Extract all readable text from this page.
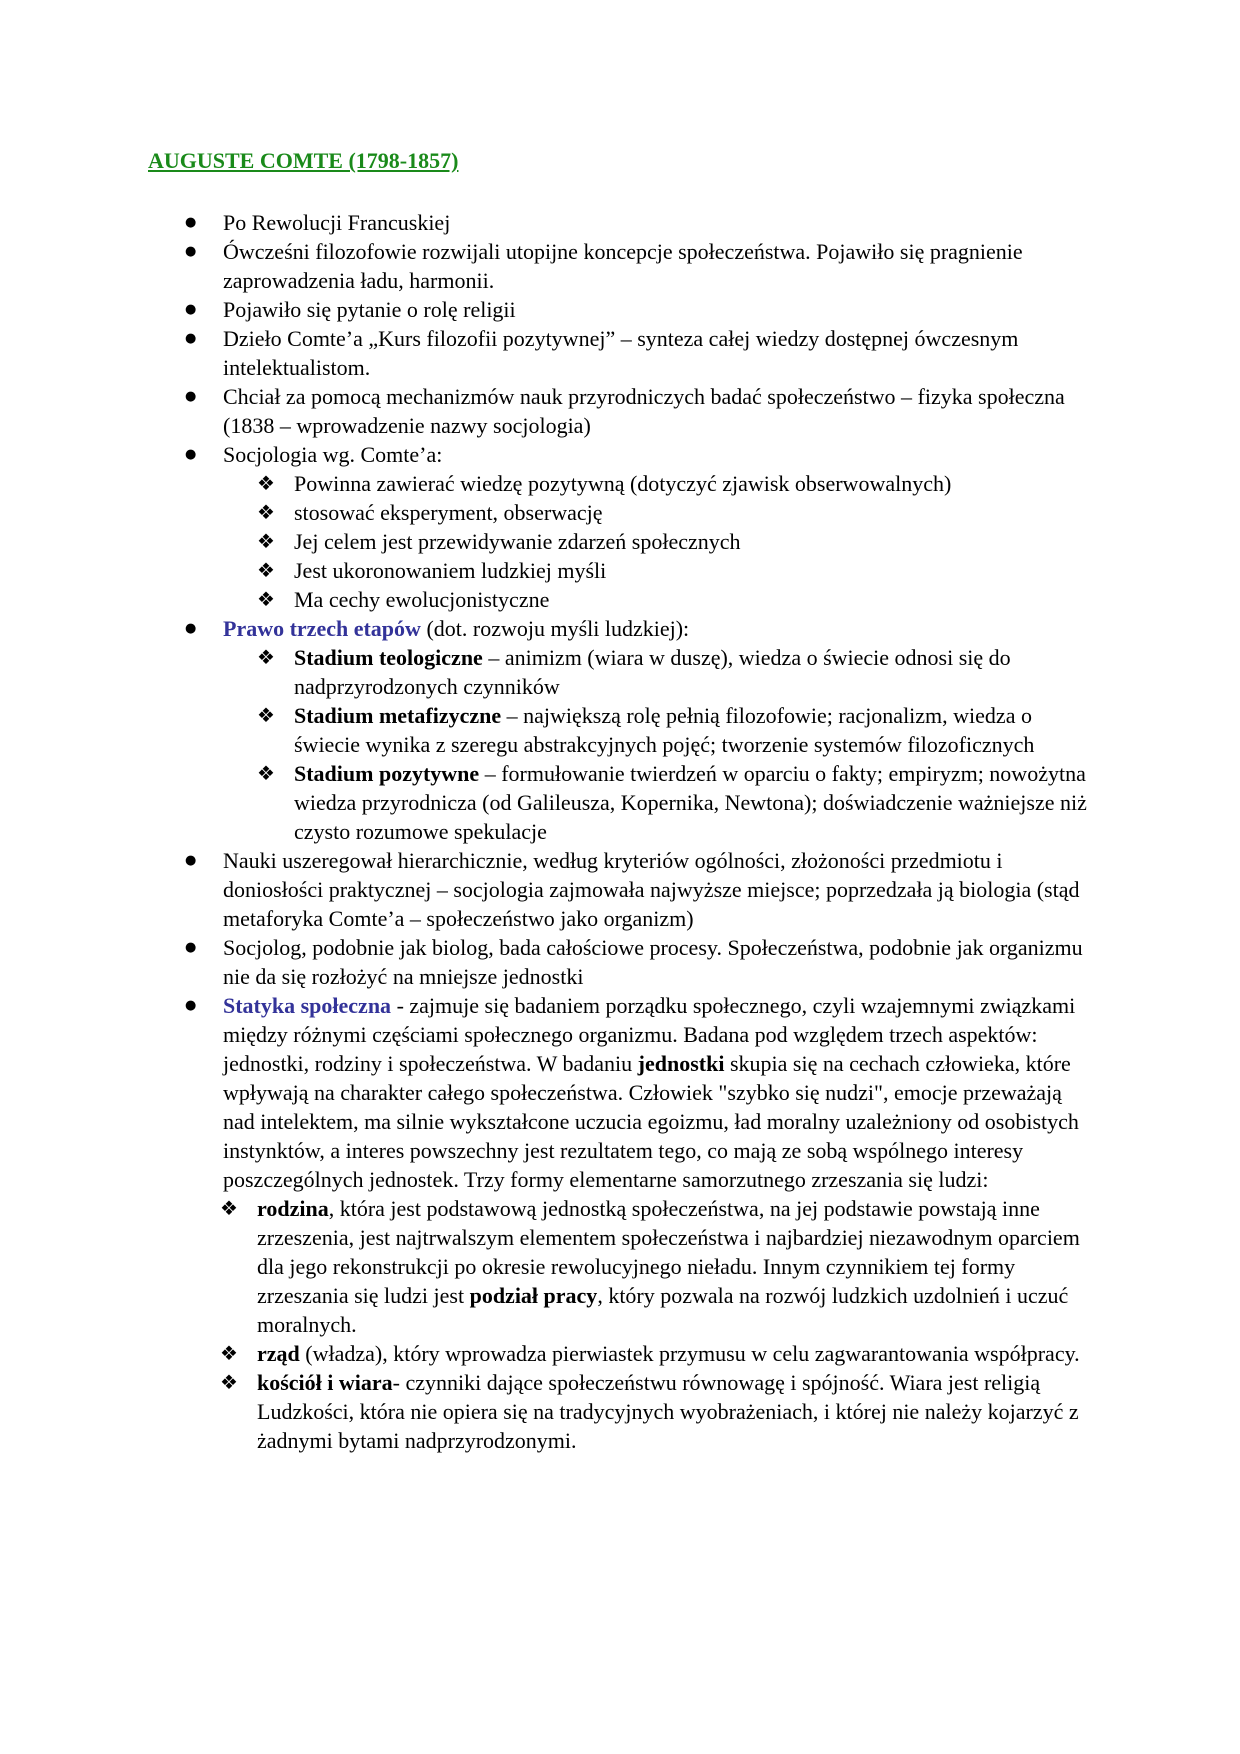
AUGUSTE COMTE (1798-1857)
● Po Rewolucji Francuskiej
● Ówcześni filozofowie rozwijali utopijne koncepcje społeczeństwa. Pojawiło się pragnienie zaprowadzenia ładu, harmonii.
● Pojawiło się pytanie o rolę religii
● Dzieło Comte’a „Kurs filozofii pozytywnej” – synteza całej wiedzy dostępnej ówczesnym intelektualistom.
● Chciał za pomocą mechanizmów nauk przyrodniczych badać społeczeństwo – fizyka społeczna (1838 – wprowadzenie nazwy socjologia)
● Socjologia wg. Comte’a:
❖ Powinna zawierać wiedzę pozytywną (dotyczyć zjawisk obserwowalnych)
❖ stosować eksperyment, obserwację
❖ Jej celem jest przewidywanie zdarzeń społecznych
❖ Jest ukoronowaniem ludzkiej myśli
❖ Ma cechy ewolucjonistyczne
● Prawo trzech etapów (dot. rozwoju myśli ludzkiej):
❖ Stadium teologiczne – animizm (wiara w duszę), wiedza o świecie odnosi się do nadprzyrodzonych czynników
❖ Stadium metafizyczne – największą rolę pełnią filozofowie; racjonalizm, wiedza o świecie wynika z szeregu abstrakcyjnych pojęć; tworzenie systemów filozoficznych
❖ Stadium pozytywne – formułowanie twierdzeń w oparciu o fakty; empiryzm; nowożytna wiedza przyrodnicza (od Galileusza, Kopernika, Newtona); doświadczenie ważniejsze niż czysto rozumowe spekulacje
● Nauki uszeregował hierarchicznie, według kryteriów ogólności, złożoności przedmiotu i doniosłości praktycznej – socjologia zajmowała najwyższe miejsce; poprzedzała ją biologia (stąd metaforyka Comte’a – społeczeństwo jako organizm)
● Socjolog, podobnie jak biolog, bada całościowe procesy. Społeczeństwa, podobnie jak organizmu nie da się rozłożyć na mniejsze jednostki
● Statyka społeczna - zajmuje się badaniem porządku społecznego, czyli wzajemnymi związkami między różnymi częściami społecznego organizmu. Badana pod względem trzech aspektów: jednostki, rodziny i społeczeństwa. W badaniu jednostki skupia się na cechach człowieka, które wpływają na charakter całego społeczeństwa. Człowiek "szybko się nudzi", emocje przeważają nad intelektem, ma silnie wykształcone uczucia egoizmu, ład moralny uzależniony od osobistych instynktów, a interes powszechny jest rezultatem tego, co mają ze sobą wspólnego interesy poszczególnych jednostek. Trzy formy elementarne samorzutnego zrzeszania się ludzi:
❖ rodzina, która jest podstawową jednostką społeczeństwa, na jej podstawie powstają inne zrzeszenia, jest najtrwalszym elementem społeczeństwa i najbardziej niezawodnym oparciem dla jego rekonstrukcji po okresie rewolucyjnego nieładu. Innym czynnikiem tej formy zrzeszania się ludzi jest podział pracy, który pozwala na rozwój ludzkich uzdolnień i uczuć moralnych.
❖ rząd (władza), który wprowadza pierwiastek przymusu w celu zagwarantowania współpracy.
❖ kościół i wiara- czynniki dające społeczeństwu równowagę i spójność. Wiara jest religią Ludzkości, która nie opiera się na tradycyjnych wyobrażeniach, i której nie należy kojarzyć z żadnymi bytami nadprzyrodzonymi.
